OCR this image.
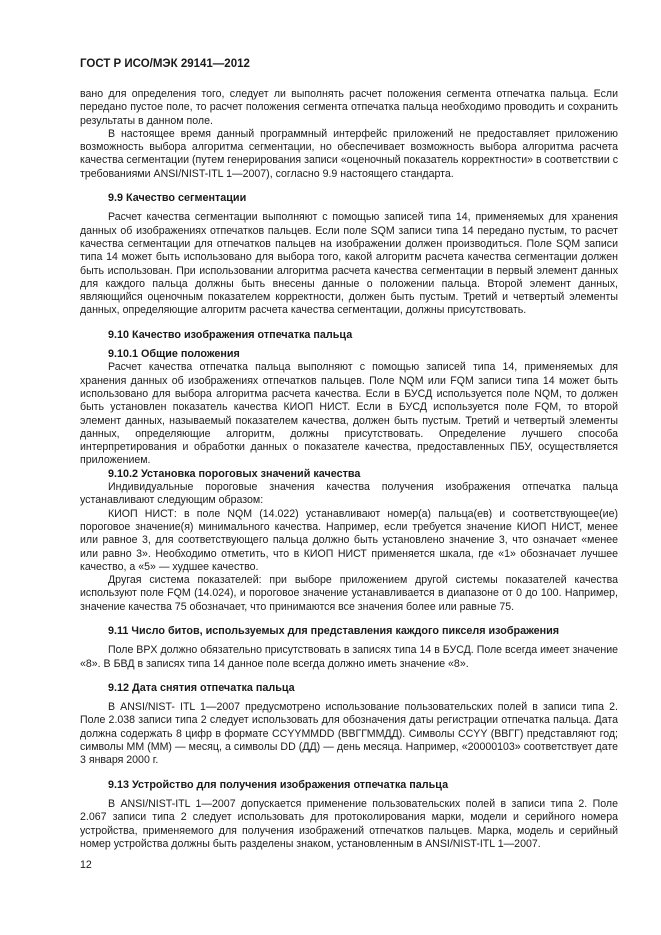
ГОСТ Р ИСО/МЭК 29141—2012

вано для определения того, следует ли выполнять расчет положения сегмента отпечатка пальца. Если передано пустое поле, то расчет положения сегмента отпечатка пальца необходимо проводить и сохранить результаты в данном поле.

В настоящее время данный программный интерфейс приложений не предоставляет приложению возможность выбора алгоритма сегментации, но обеспечивает возможность выбора алгоритма расчета качества сегментации (путем генерирования записи «оценочный показатель корректности» в соответствии с требованиями ANSI/NIST-ITL 1—2007), согласно 9.9 настоящего стандарта.

9.9 Качество сегментации

Расчет качества сегментации выполняют с помощью записей типа 14, применяемых для хранения данных об изображениях отпечатков пальцев. Если поле SQM записи типа 14 передано пустым, то расчет качества сегментации для отпечатков пальцев на изображении должен производиться. Поле SQM записи типа 14 может быть использовано для выбора того, какой алгоритм расчета качества сегментации должен быть использован. При использовании алгоритма расчета качества сегментации в первый элемент данных для каждого пальца должны быть внесены данные о положении пальца. Второй элемент данных, являющийся оценочным показателем корректности, должен быть пустым. Третий и четвертый элементы данных, определяющие алгоритм расчета качества сегментации, должны присутствовать.

9.10 Качество изображения отпечатка пальца
9.10.1 Общие положения

Расчет качества отпечатка пальца выполняют с помощью записей типа 14, применяемых для хранения данных об изображениях отпечатков пальцев. Поле NQM или FQM записи типа 14 может быть использовано для выбора алгоритма расчета качества. Если в БУСД используется поле NQM, то должен быть установлен показатель качества КИОП НИСТ. Если в БУСД используется поле FQM, то второй элемент данных, называемый показателем качества, должен быть пустым. Третий и четвертый элементы данных, определяющие алгоритм, должны присутствовать. Определение лучшего способа интерпретирования и обработки данных о показателе качества, предоставленных ПБУ, осуществляется приложением.

9.10.2 Установка пороговых значений качества

Индивидуальные пороговые значения качества получения изображения отпечатка пальца устанавливают следующим образом:

КИОП НИСТ: в поле NQM (14.022) устанавливают номер(а) пальца(ев) и соответствующее(ие) пороговое значение(я) минимального качества. Например, если требуется значение КИОП НИСТ, менее или равное 3, для соответствующего пальца должно быть установлено значение 3, что означает «менее или равно 3». Необходимо отметить, что в КИОП НИСТ применяется шкала, где «1» обозначает лучшее качество, а «5» — худшее качество.

Другая система показателей: при выборе приложением другой системы показателей качества используют поле FQM (14.024), и пороговое значение устанавливается в диапазоне от 0 до 100. Например, значение качества 75 обозначает, что принимаются все значения более или равные 75.

9.11 Число битов, используемых для представления каждого пикселя изображения

Поле BPX должно обязательно присутствовать в записях типа 14 в БУСД. Поле всегда имеет значение «8». В БВД в записях типа 14 данное поле всегда должно иметь значение «8».

9.12 Дата снятия отпечатка пальца

В ANSI/NIST- ITL 1—2007 предусмотрено использование пользовательских полей в записи типа 2. Поле 2.038 записи типа 2 следует использовать для обозначения даты регистрации отпечатка пальца. Дата должна содержать 8 цифр в формате CCYYMMDD (ВВГГММДД). Символы CCYY (ВВГГ) представляют год; символы MM (ММ) — месяц, а символы DD (ДД) — день месяца. Например, «20000103» соответствует дате 3 января 2000 г.

9.13 Устройство для получения изображения отпечатка пальца

В ANSI/NIST-ITL 1—2007 допускается применение пользовательских полей в записи типа 2. Поле 2.067 записи типа 2 следует использовать для протоколирования марки, модели и серийного номера устройства, применяемого для получения изображений отпечатков пальцев. Марка, модель и серийный номер устройства должны быть разделены знаком, установленным в ANSI/NIST-ITL 1—2007.

12
